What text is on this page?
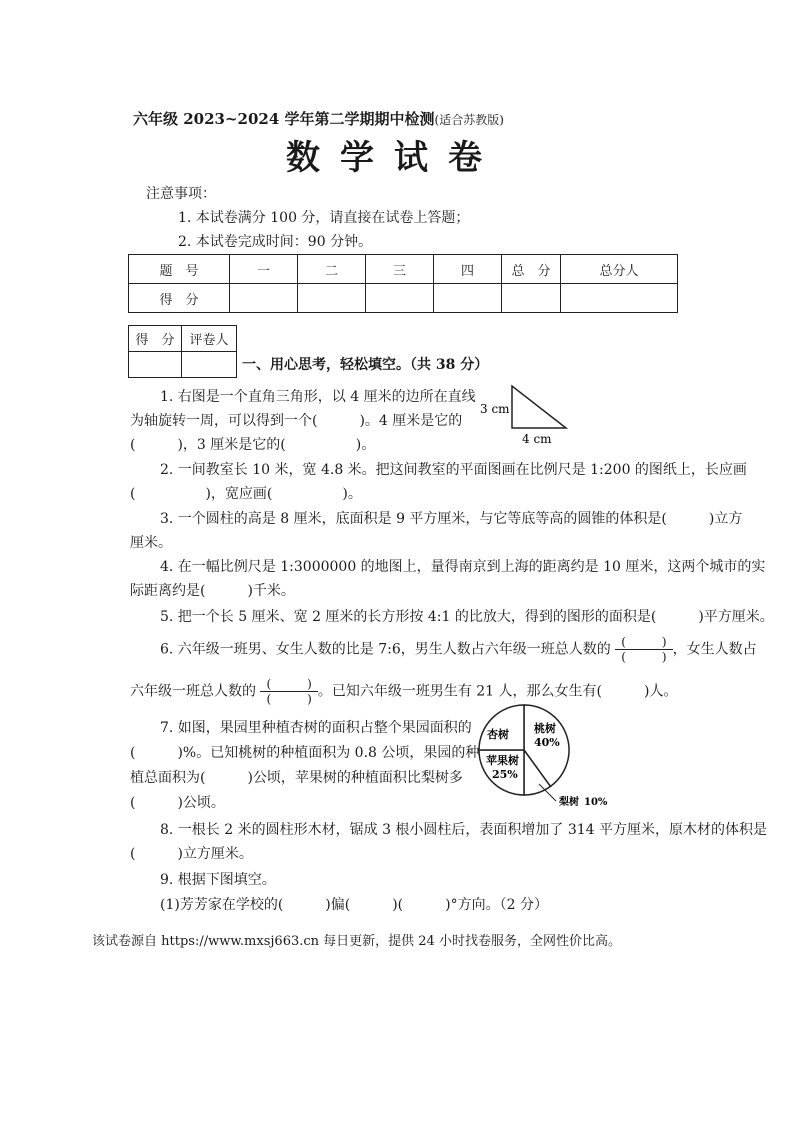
六年级 2023~2024 学年第二学期期中检测(适合苏教版)
数学试卷
注意事项：
1. 本试卷满分 100 分，请直接在试卷上答题；
2. 本试卷完成时间：90 分钟。
题　号	一	二	三	四	总　分	总分人
得　分						
得　分	评卷人

一、用心思考，轻松填空。（共 38 分）
1. 右图是一个直角三角形，以 4 厘米的边所在直线
为轴旋转一周，可以得到一个(　　　)。4 厘米是它的
(　　　)，3 厘米是它的(　　　　　)。
3 cm
4 cm
2. 一间教室长 10 米，宽 4.8 米。把这间教室的平面图画在比例尺是 1:200 的图纸上，长应画
(　　　　　)，宽应画(　　　　　)。
3. 一个圆柱的高是 8 厘米，底面积是 9 平方厘米，与它等底等高的圆锥的体积是(　　　)立方
厘米。
4. 在一幅比例尺是 1:3000000 的地图上，量得南京到上海的距离约是 10 厘米，这两个城市的实
际距离约是(　　　)千米。
5. 把一个长 5 厘米、宽 2 厘米的长方形按 4:1 的比放大，得到的图形的面积是(　　　)平方厘米。
6. 六年级一班男、女生人数的比是 7:6，男生人数占六年级一班总人数的 $\frac{( )}{( )}$ ，女生人数占
六年级一班总人数的 $\frac{( )}{( )}$ 。已知六年级一班男生有 21 人，那么女生有(　　　)人。
7. 如图，果园里种植杏树的面积占整个果园面积的
(　　　)%。已知桃树的种植面积为 0.8 公顷，果园的种
植总面积为(　　　)公顷，苹果树的种植面积比梨树多
(　　　)公顷。
杏树 桃树
40%
苹果树
25%
梨树 10%
8. 一根长 2 米的圆柱形木材，锯成 3 根小圆柱后，表面积增加了 314 平方厘米，原木材的体积是
(　　　)立方厘米。
9. 根据下图填空。
(1)芳芳家在学校的(　　　)偏(　　　)(　　　)°方向。（2 分）
该试卷源自 https://www.mxsj663.cn 每日更新，提供 24 小时找卷服务，全网性价比高。
